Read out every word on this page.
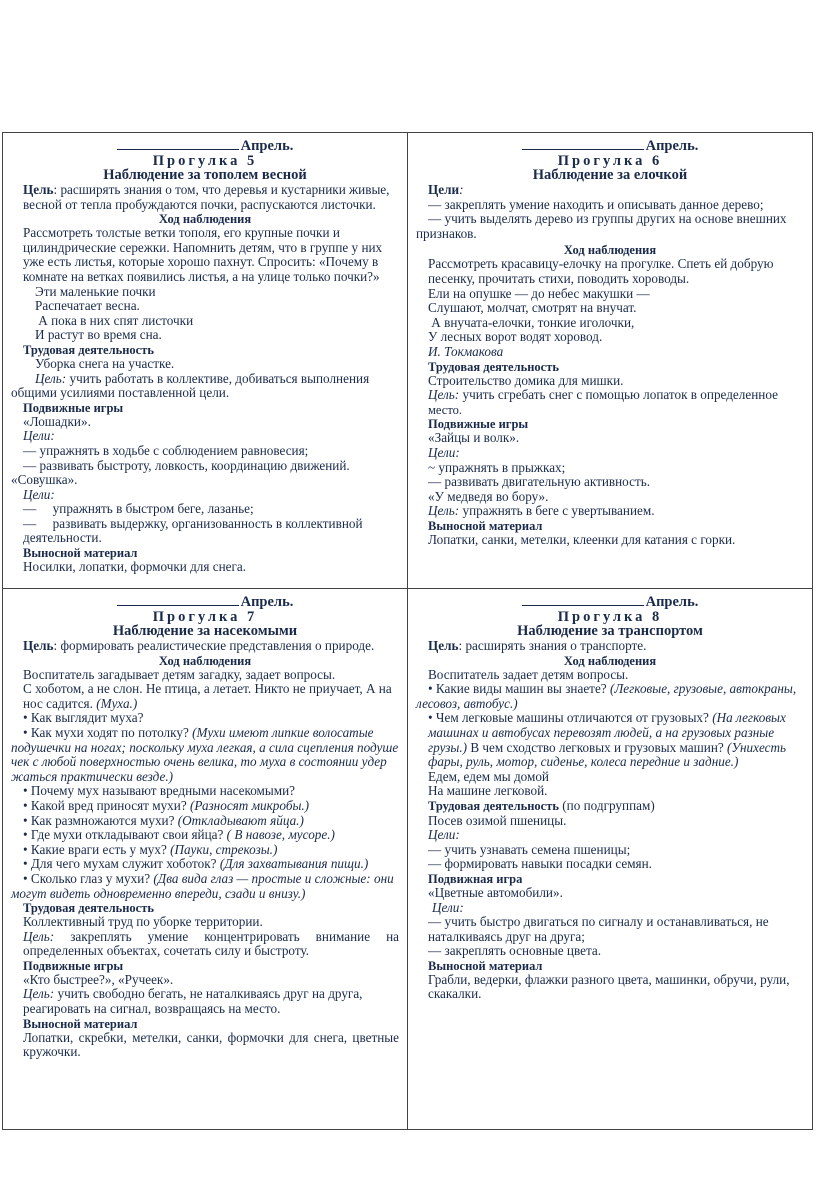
Апрель.
Прогулка 5
Наблюдение за тополем весной

Цель: расширять знания о том, что деревья и кустарники живые, весной от тепла пробуждаются почки, распускаются листочки.

Ход наблюдения

Рассмотреть толстые ветки тополя, его крупные почки и цилиндрические сережки. Напомнить детям, что в группе у них уже есть листья, которые хорошо пахнут. Спросить: «Почему в комнате на ветках появились листья, а на улице только почки?»

Эти маленькие почки
Распечатает весна.
А пока в них спят листочки
И растут во время сна.
Трудовая деятельность
Уборка снега на участке.

Цель: учить работать в коллективе, добиваться выполнения общими усилиями поставленной цели.

Подвижные игры
«Лошадки».
Цели:
— упражнять в ходьбе с соблюдением равновесия;
— развивать быстроту, ловкость, координацию движений.
«Совушка».
Цели:
—     упражнять в быстром беге, лазанье;
—     развивать выдержку, организованность в коллективной деятельности.
Выносной материал
Носилки, лопатки, формочки для снега.
Апрель.
Прогулка 6
Наблюдение за елочкой
Цели:
— закреплять умение находить и описывать данное дерево;
— учить выделять дерево из группы других на основе внешних
признаков.
Ход наблюдения

Рассмотреть красавицу-елочку на прогулке. Спеть ей добрую песенку, прочитать стихи, поводить хороводы.

Ели на опушке — до небес макушки —
Слушают, молчат, смотрят на внучат.
А внучата-елочки, тонкие иголочки,
У лесных ворот водят хоровод.
И. Токмакова
Трудовая деятельность
Строительство домика для мишки.

Цель: учить сгребать снег с помощью лопаток в определенное

место.
Подвижные игры
«Зайцы и волк».
Цели:
~ упражнять в прыжках;
— развивать двигательную активность.
«У медведя во бору».
Цель: упражнять в беге с увертыванием.
Выносной материал
Лопатки, санки, метелки, клеенки для катания с горки.
Апрель.
Прогулка 7
Наблюдение за насекомыми

Цель: формировать реалистические представления о природе.

Ход наблюдения
Воспитатель загадывает детям загадку, задает вопросы.

С хоботом, а не слон. Не птица, а летает. Никто не приучает, А на нос садится. (Муха.)

• Как выглядит муха?
• Как мухи ходят по потолку? (Мухи имеют липкие волосатые
подушечки на ногах; поскольку муха легкая, а сила сцепления подуше
чек с любой поверхностью очень велика, то муха в состоянии удер
жаться практически везде.)
• Почему мух называют вредными насекомыми?
• Какой вред приносят мухи? (Разносят микробы.)
• Как размножаются мухи? (Откладывают яйца.)
• Где мухи откладывают свои яйца? ( В навозе, мусоре.)
• Какие враги есть у мух? (Пауки, стрекозы.)
• Для чего мухам служит хоботок? (Для захватывания пищи.)
• Сколько глаз у мухи? (Два вида глаз — простые и сложные: они
могут видеть одновременно впереди, сзади и внизу.)
Трудовая деятельность
Коллективный труд по уборке территории.

Цель: закреплять умение концентрировать внимание на определенных объектах, сочетать силу и быстроту.

Подвижные игры
«Кто быстрее?», «Ручеек».

Цель: учить свободно бегать, не наталкиваясь друг на друга, реагировать на сигнал, возвращаясь на место.

Выносной материал

Лопатки, скребки, метелки, санки, формочки для снега, цветные кружочки.

Апрель.
Прогулка 8
Наблюдение за транспортом
Цель: расширять знания о транспорте.
Ход наблюдения
Воспитатель задает детям вопросы.
• Какие виды машин вы знаете? (Легковые, грузовые, автокраны,
лесовоз, автобус.)

• Чем легковые машины отличаются от грузовых? (На легковых машинах и автобусах перевозят людей, а на грузовых разные грузы.) В чем сходство легковых и грузовых машин? (Унихесть фары, руль, мотор, сиденье, колеса передние и задние.)

Едем, едем мы домой
На машине легковой.
Трудовая деятельность (по подгруппам)
Посев озимой пшеницы.
Цели:
— учить узнавать семена пшеницы;
— формировать навыки посадки семян.
Подвижная игра
«Цветные автомобили».
Цели:

— учить быстро двигаться по сигналу и останавливаться, не наталкиваясь друг на друга;

— закреплять основные цвета.
Выносной материал

Грабли, ведерки, флажки разного цвета, машинки, обручи, рули, скакалки.
